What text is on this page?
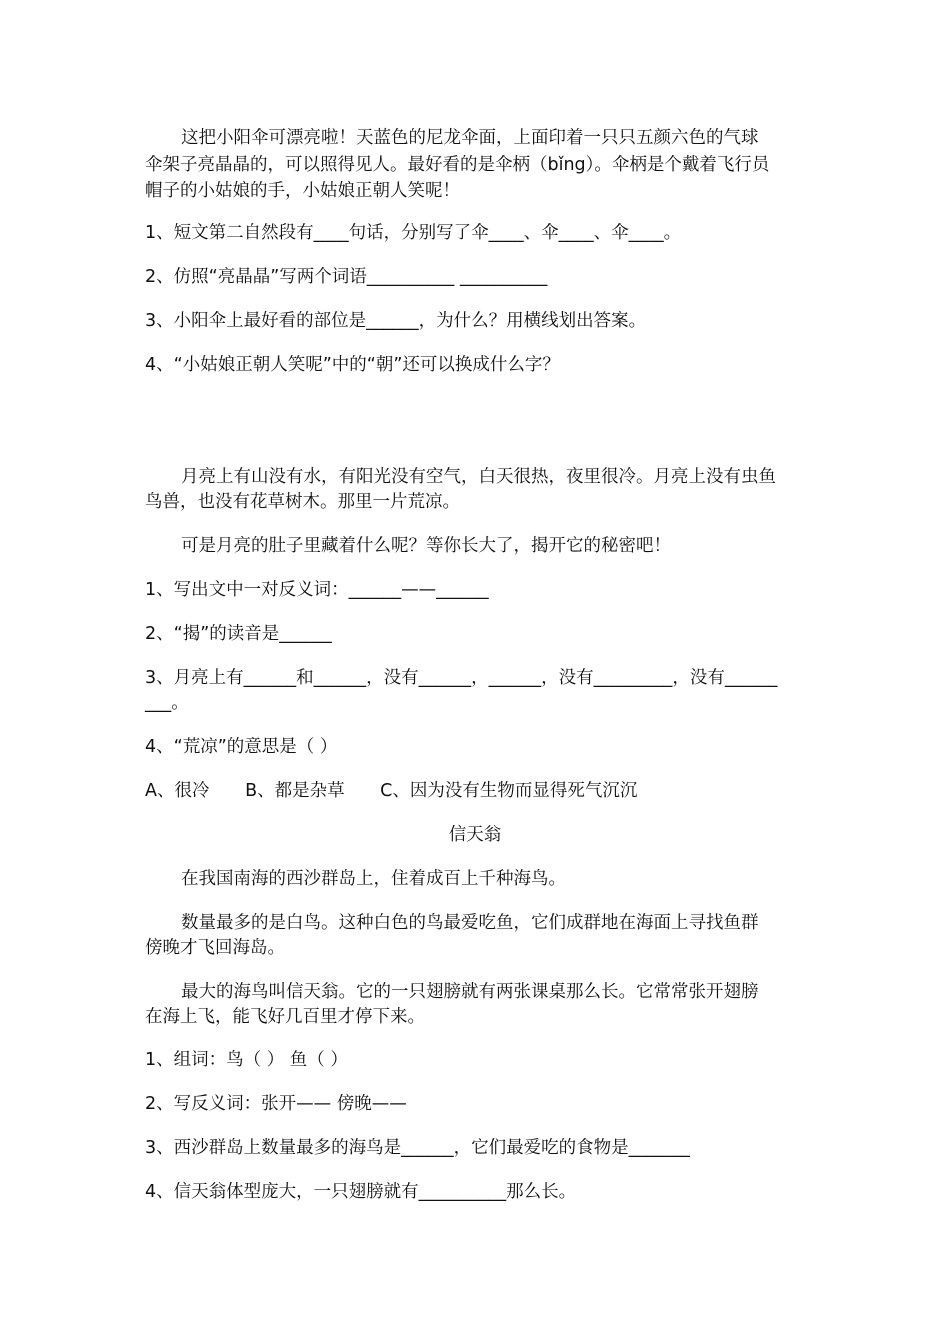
这把小阳伞可漂亮啦！天蓝色的尼龙伞面，上面印着一只只五颜六色的气球
伞架子亮晶晶的，可以照得见人。最好看的是伞柄（bǐng）。伞柄是个戴着飞行员
帽子的小姑娘的手，小姑娘正朝人笑呢！
1、短文第二自然段有____句话，分别写了伞____、伞____、伞____。
2、仿照“亮晶晶”写两个词语__________ __________
3、小阳伞上最好看的部位是______，为什么？用横线划出答案。
4、“小姑娘正朝人笑呢”中的“朝”还可以换成什么字？
月亮上有山没有水，有阳光没有空气，白天很热，夜里很冷。月亮上没有虫鱼
鸟兽，也没有花草树木。那里一片荒凉。
可是月亮的肚子里藏着什么呢？等你长大了，揭开它的秘密吧！
1、写出文中一对反义词：______——______
2、“揭”的读音是______
3、月亮上有______和______，没有______，______，没有_________，没有______
___。
4、“荒凉”的意思是（ ）
A、很冷 B、都是杂草 C、因为没有生物而显得死气沉沉
信天翁
在我国南海的西沙群岛上，住着成百上千种海鸟。
数量最多的是白鸟。这种白色的鸟最爱吃鱼，它们成群地在海面上寻找鱼群
傍晚才飞回海岛。
最大的海鸟叫信天翁。它的一只翅膀就有两张课桌那么长。它常常张开翅膀
在海上飞，能飞好几百里才停下来。
1、组词：鸟（ ） 鱼（ ）
2、写反义词：张开—— 傍晚——
3、西沙群岛上数量最多的海鸟是______，它们最爱吃的食物是_______
4、信天翁体型庞大，一只翅膀就有__________那么长。
